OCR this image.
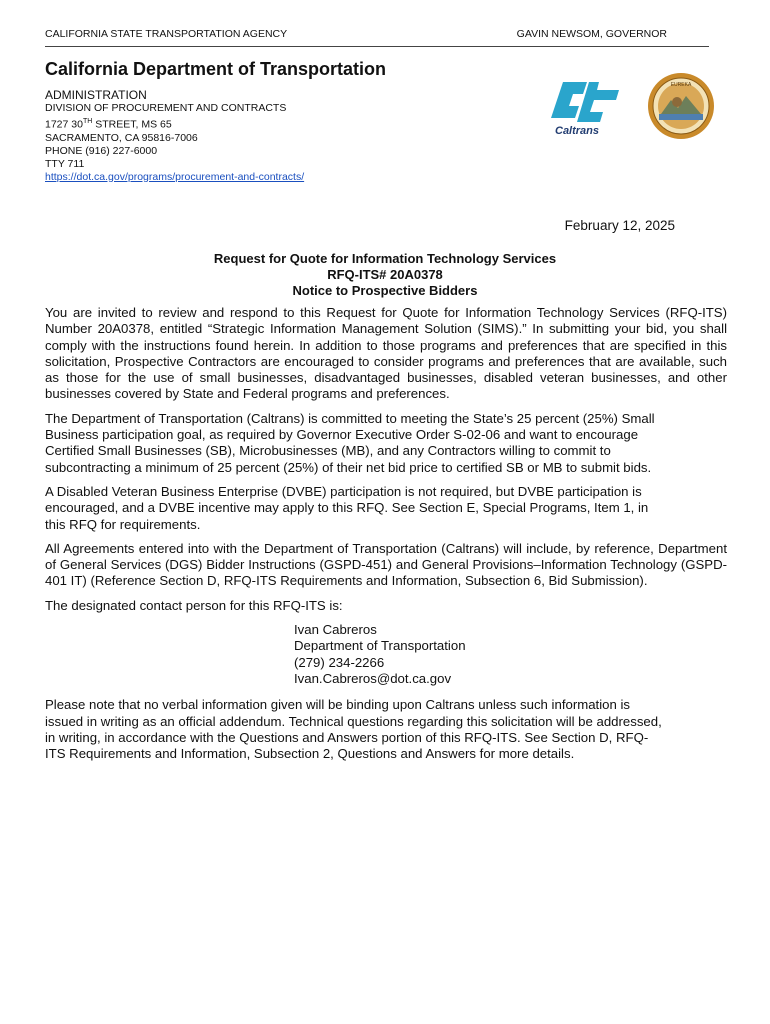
CALIFORNIA STATE TRANSPORTATION AGENCY	GAVIN NEWSOM, GOVERNOR
California Department of Transportation
ADMINISTRATION
DIVISION OF PROCUREMENT AND CONTRACTS
1727 30TH STREET, MS 65
SACRAMENTO, CA 95816-7006
PHONE (916) 227-6000
TTY 711
https://dot.ca.gov/programs/procurement-and-contracts/
Caltrans
EUREKA
February 12, 2025
Request for Quote for Information Technology Services
RFQ-ITS# 20A0378
Notice to Prospective Bidders

You are invited to review and respond to this Request for Quote for Information Technology Services (RFQ-ITS) Number 20A0378, entitled “Strategic Information Management Solution (SIMS).” In submitting your bid, you shall comply with the instructions found herein. In addition to those programs and preferences that are specified in this solicitation, Prospective Contractors are encouraged to consider programs and preferences that are available, such as those for the use of small businesses, disadvantaged businesses, disabled veteran businesses, and other businesses covered by State and Federal programs and preferences.

The Department of Transportation (Caltrans) is committed to meeting the State’s 25 percent (25%) Small Business participation goal, as required by Governor Executive Order S-02-06 and want to encourage Certified Small Businesses (SB), Microbusinesses (MB), and any Contractors willing to commit to subcontracting a minimum of 25 percent (25%) of their net bid price to certified SB or MB to submit bids.

A Disabled Veteran Business Enterprise (DVBE) participation is not required, but DVBE participation is encouraged, and a DVBE incentive may apply to this RFQ. See Section E, Special Programs, Item 1, in this RFQ for requirements.

All Agreements entered into with the Department of Transportation (Caltrans) will include, by reference, Department of General Services (DGS) Bidder Instructions (GSPD-451) and General Provisions–Information Technology (GSPD-401 IT) (Reference Section D, RFQ-ITS Requirements and Information, Subsection 6, Bid Submission).

The designated contact person for this RFQ-ITS is:

Ivan Cabreros
Department of Transportation
(279) 234-2266
Ivan.Cabreros@dot.ca.gov

Please note that no verbal information given will be binding upon Caltrans unless such information is issued in writing as an official addendum. Technical questions regarding this solicitation will be addressed, in writing, in accordance with the Questions and Answers portion of this RFQ-ITS. See Section D, RFQ-ITS Requirements and Information, Subsection 2, Questions and Answers for more details.
